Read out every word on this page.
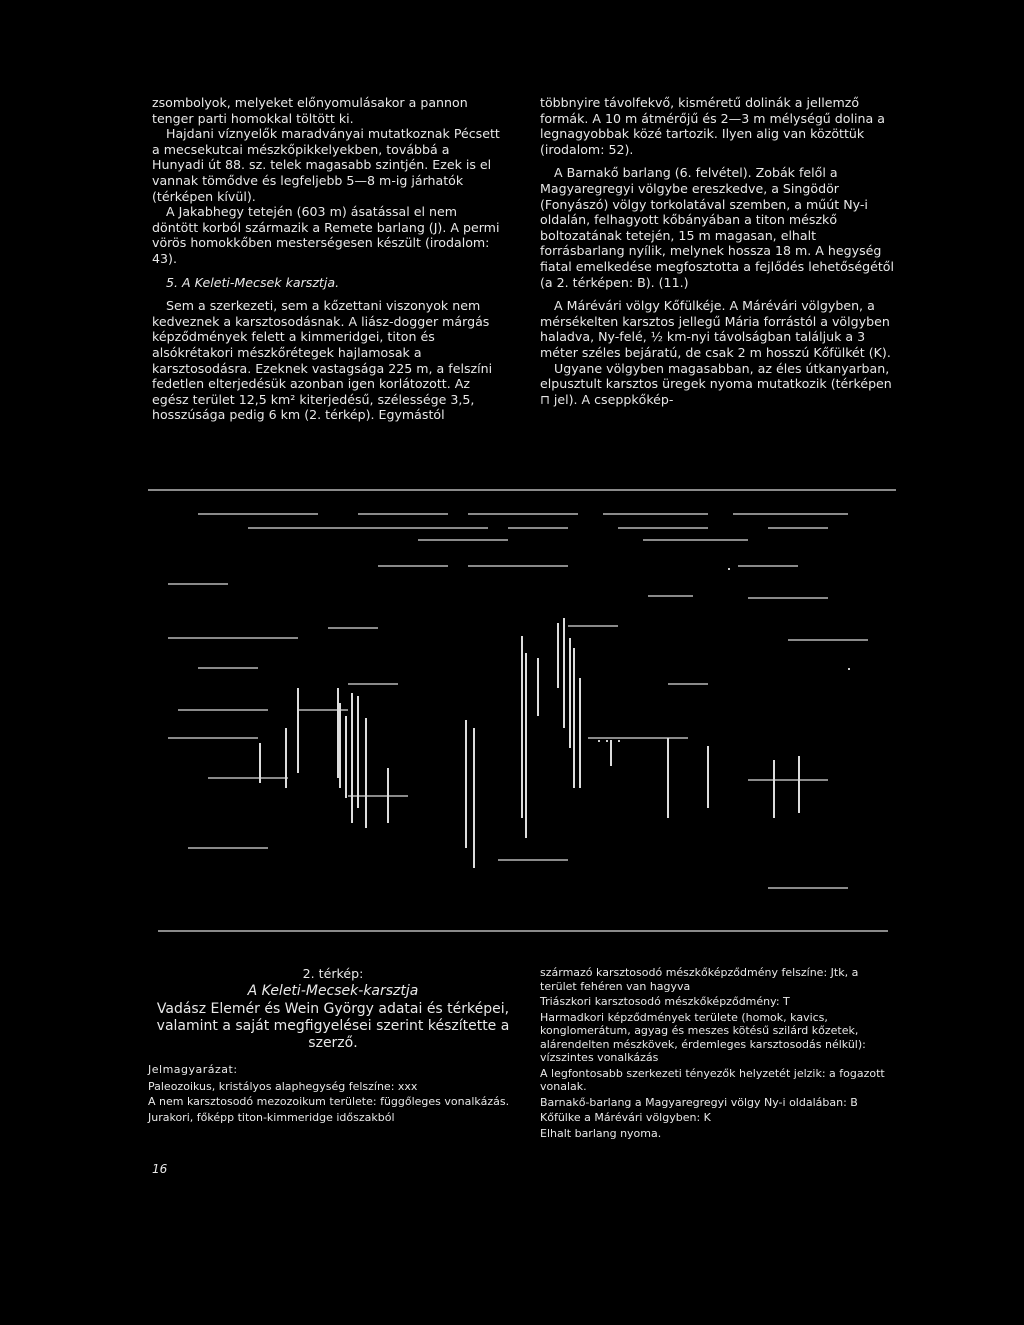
zsombolyok, melyeket előnyomulásakor a pannon tenger parti homokkal töltött ki.

Hajdani víznyelők maradványai mutatkoznak Pécsett a mecsekutcai mészkőpikkelyekben, továbbá a Hunyadi út 88. sz. telek magasabb szintjén. Ezek is el vannak tömődve és legfeljebb 5—8 m-ig járhatók (térképen kívül).

A Jakabhegy tetején (603 m) ásatással el nem döntött korból származik a Remete barlang (J). A permi vörös homokkőben mesterségesen készült (irodalom: 43).

5. A Keleti-Mecsek karsztja.

Sem a szerkezeti, sem a kőzettani viszonyok nem kedveznek a karsztosodásnak. A liász-dogger márgás képződmények felett a kimmeridgei, titon és alsókrétakori mészkőrétegek hajlamosak a karsztosodásra. Ezeknek vastagsága 225 m, a felszíni fedetlen elterjedésük azonban igen korlátozott. Az egész terület 12,5 km² kiterjedésű, szélessége 3,5, hosszúsága pedig 6 km (2. térkép). Egymástól

többnyire távolfekvő, kisméretű dolinák a jellemző formák. A 10 m átmérőjű és 2—3 m mélységű dolina a legnagyobbak közé tartozik. Ilyen alig van közöttük (irodalom: 52).

A Barnakő barlang (6. felvétel). Zobák felől a Magyaregregyi völgybe ereszkedve, a Singödör (Fonyászó) völgy torkolatával szemben, a műút Ny-i oldalán, felhagyott kőbányában a titon mészkő boltozatának tetején, 15 m magasan, elhalt forrásbarlang nyílik, melynek hossza 18 m. A hegység fiatal emelkedése megfosztotta a fejlődés lehetőségétől (a 2. térképen: B). (11.)

A Márévári völgy Kőfülkéje. A Márévári völgyben, a mérsékelten karsztos jellegű Mária forrástól a völgyben haladva, Ny-felé, ½ km-nyi távolságban találjuk a 3 méter széles bejáratú, de csak 2 m hosszú Kőfülkét (K).

Ugyane völgyben magasabban, az éles útkanyarban, elpusztult karsztos üregek nyoma mutatkozik (térképen ⊓ jel). A cseppkőkép-

2. térkép:
A Keleti-Mecsek-karsztja
Vadász Elemér és Wein György adatai és térképei, valamint a saját megfigyelései szerint készítette a szerző.
Jelmagyarázat:
Paleozoikus, kristályos alaphegység felszíne: xxx
A nem karsztosodó mezozoikum területe: függőleges vonalkázás.
Jurakori, főképp titon-kimmeridge időszakból
származó karsztosodó mészkőképződmény felszíne: Jtk, a terület fehéren van hagyva
Triászkori karsztosodó mészkőképződmény: T
Harmadkori képződmények területe (homok, kavics, konglomerátum, agyag és meszes kötésű szilárd kőzetek, alárendelten mészkövek, érdemleges karsztosodás nélkül): vízszintes vonalkázás
A legfontosabb szerkezeti tényezők helyzetét jelzik: a fogazott vonalak.
Barnakő-barlang a Magyaregregyi völgy Ny-i oldalában: B
Kőfülke a Márévári völgyben: K
Elhalt barlang nyoma.
16
